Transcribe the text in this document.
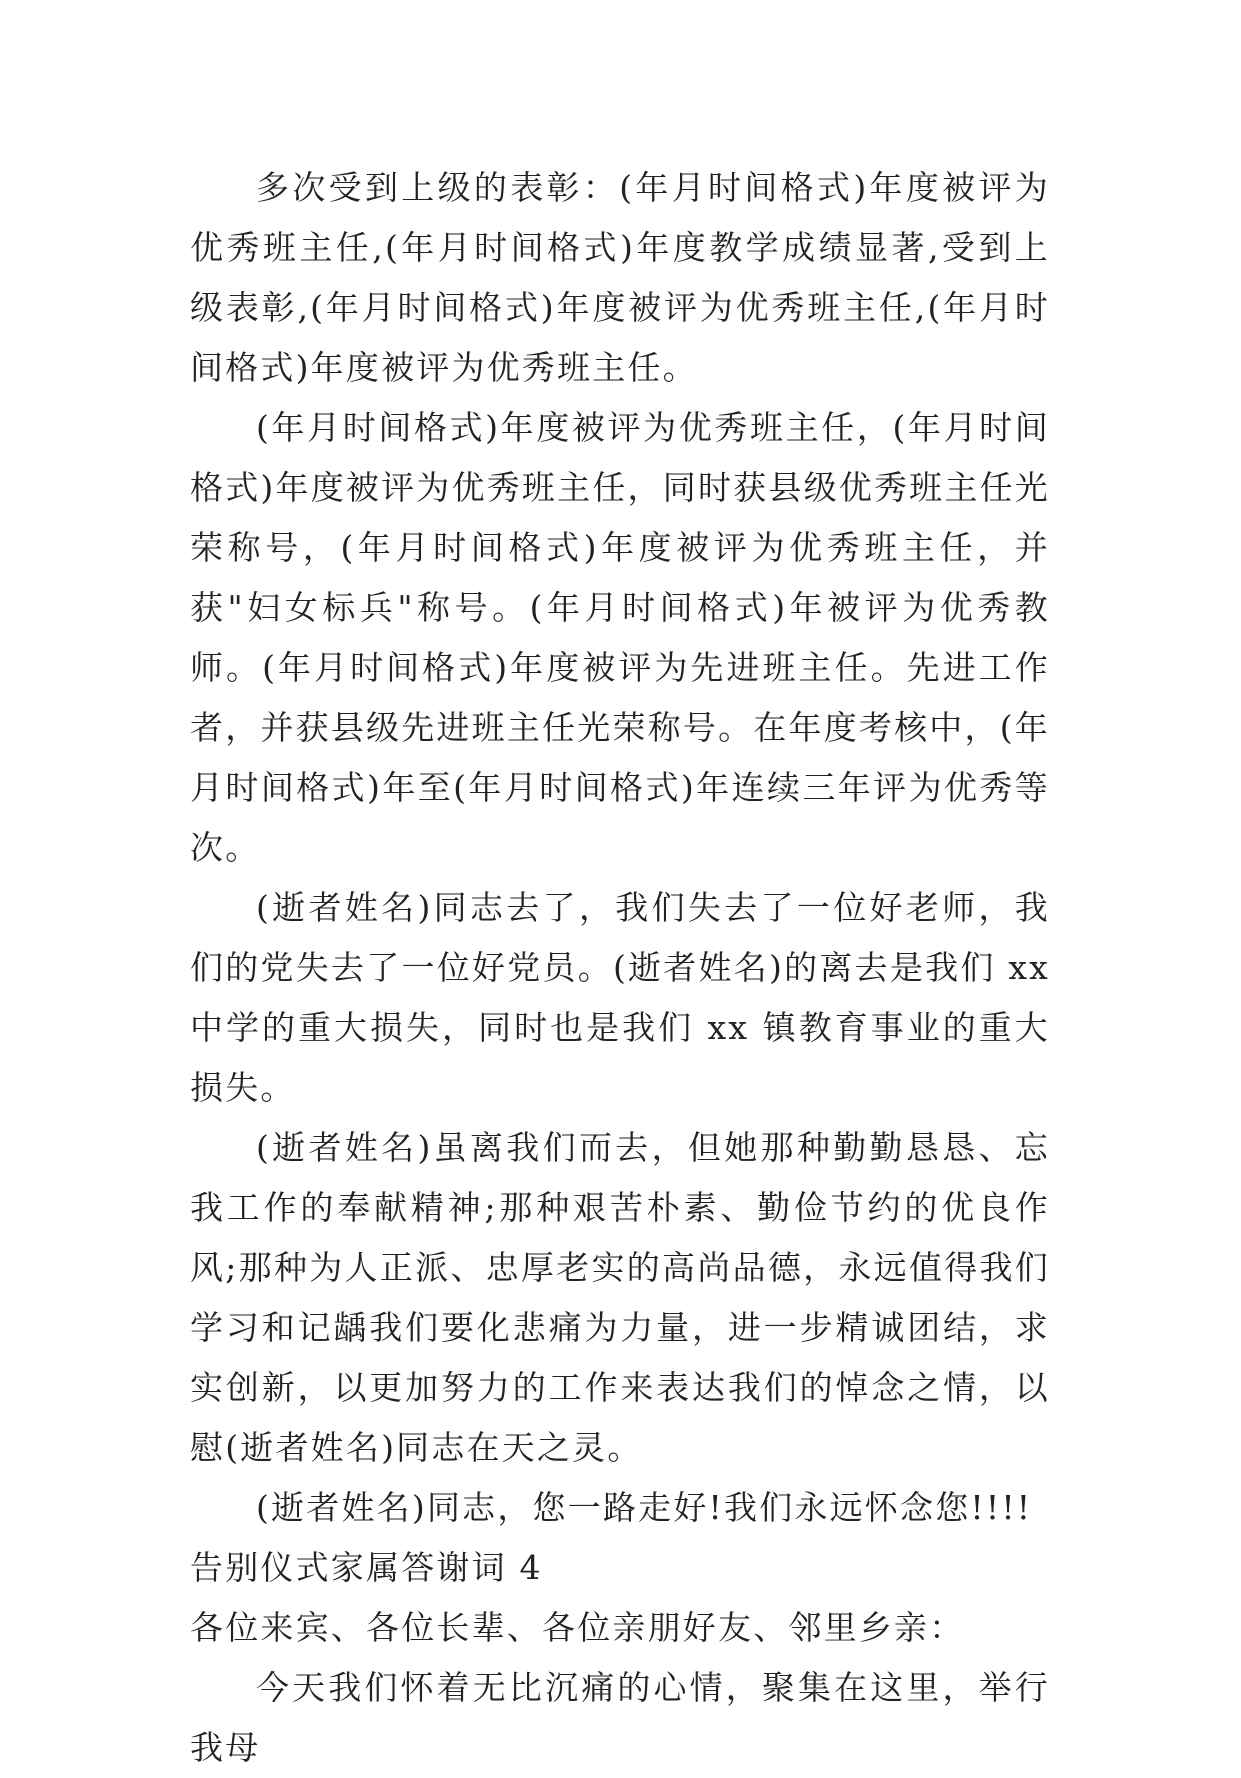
多次受到上级的表彰：(年月时间格式)年度被评为优秀班主任,(年月时间格式)年度教学成绩显著,受到上级表彰,(年月时间格式)年度被评为优秀班主任,(年月时间格式)年度被评为优秀班主任。

(年月时间格式)年度被评为优秀班主任，(年月时间格式)年度被评为优秀班主任，同时获县级优秀班主任光荣称号，(年月时间格式)年度被评为优秀班主任，并获"妇女标兵"称号。(年月时间格式)年被评为优秀教师。(年月时间格式)年度被评为先进班主任。先进工作者，并获县级先进班主任光荣称号。在年度考核中，(年月时间格式)年至(年月时间格式)年连续三年评为优秀等次。

(逝者姓名)同志去了，我们失去了一位好老师，我们的党失去了一位好党员。(逝者姓名)的离去是我们 xx 中学的重大损失，同时也是我们 xx 镇教育事业的重大损失。

(逝者姓名)虽离我们而去，但她那种勤勤恳恳、忘我工作的奉献精神;那种艰苦朴素、勤俭节约的优良作风;那种为人正派、忠厚老实的高尚品德，永远值得我们学习和记龋我们要化悲痛为力量，进一步精诚团结，求实创新，以更加努力的工作来表达我们的悼念之情，以慰(逝者姓名)同志在天之灵。

(逝者姓名)同志，您一路走好!我们永远怀念您!!!!

告别仪式家属答谢词 4

各位来宾、各位长辈、各位亲朋好友、邻里乡亲：

今天我们怀着无比沉痛的心情，聚集在这里，举行我母
